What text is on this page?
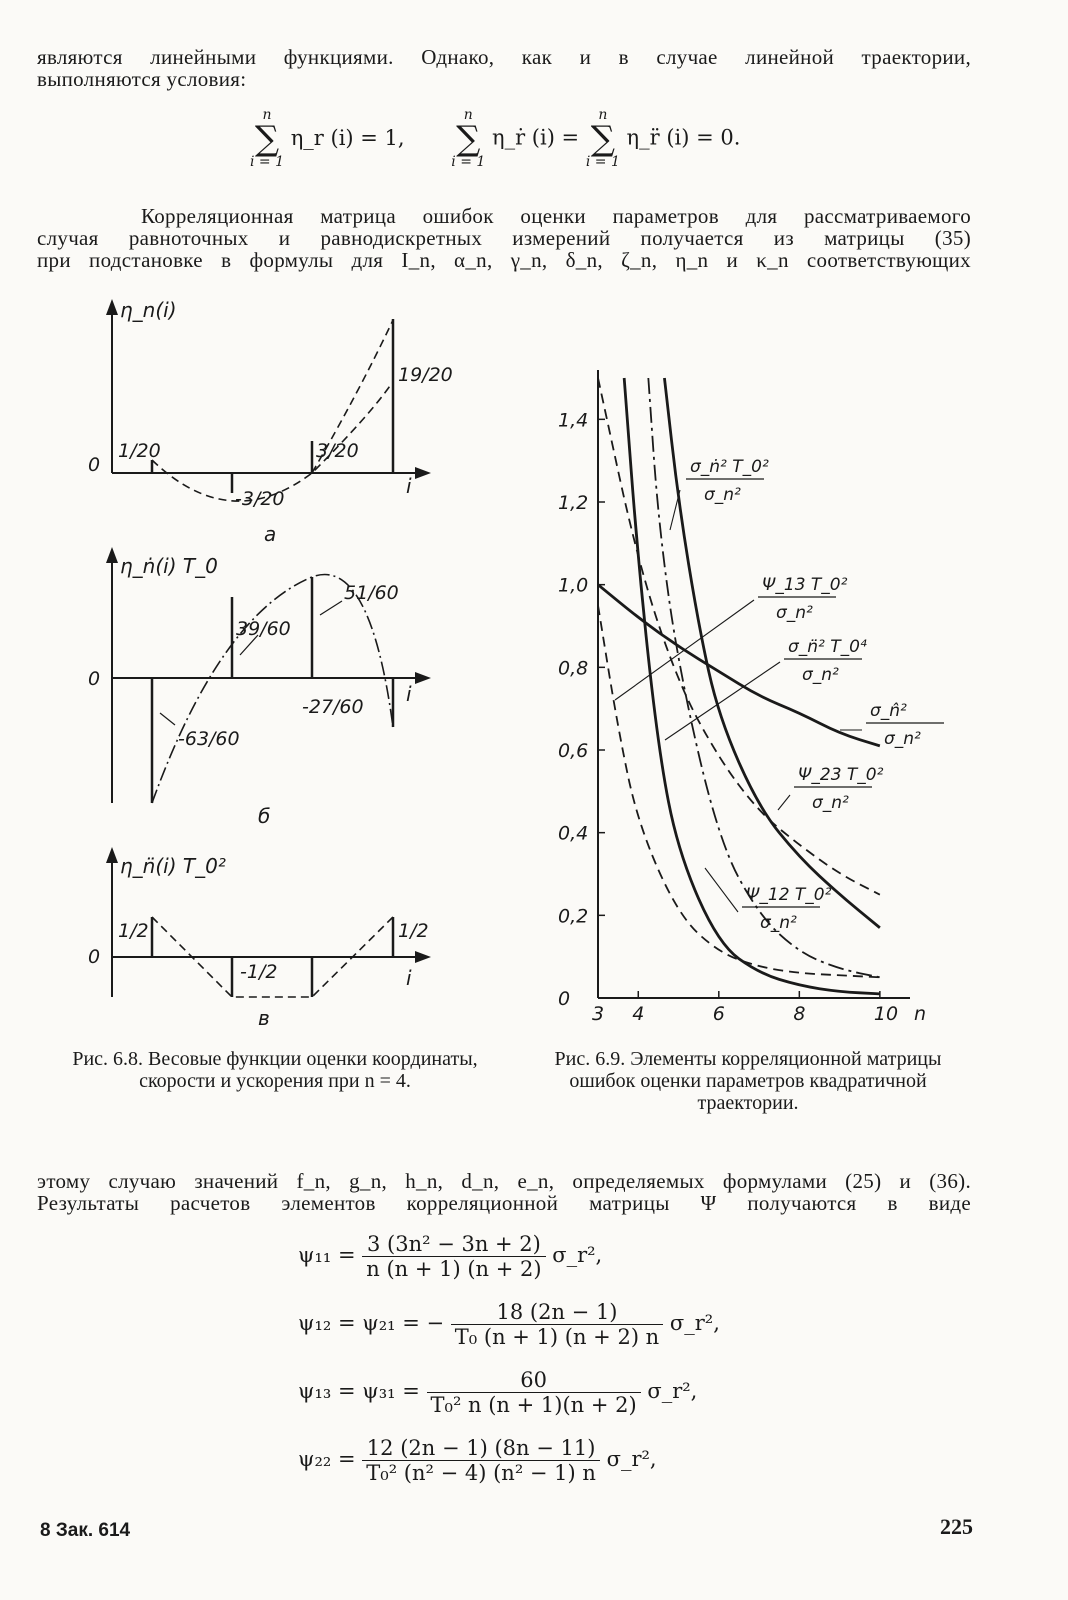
являются линейными функциями. Однако, как и в случае линейной траектории,
выполняются условия:
n
∑
i = 1
η_r (i) = 1,
n
∑
i = 1
η_ṙ (i) =
n
∑
i = 1
η_r̈ (i) = 0.
Корреляционная матрица ошибок оценки параметров для рассматриваемого
случая равноточных и равнодискретных измерений получается из матрицы (35)
при подстановке в формулы для I_n, α_n, γ_n, δ_n, ζ_n, η_n и κ_n соответствующих
η_n(i)
0
i
1/20
-3/20
3/20
19/20
а
η_ṅ(i) T_0
0
i
-63/60
39/60
51/60
-27/60
б
η_n̈(i) T_0²
0
i
1/2
-1/2
1/2
в
Рис. 6.8. Весовые функции оценки координаты, скорости и ускорения при n = 4.
0
0,2
0,4
0,6
0,8
1,0
1,2
1,4
3 4	6	8	10 n
σ_ṅ² T_0²
σ_n²
Ψ_13 T_0²
σ_n²
σ_n̈² T_0⁴
σ_n²
σ_n̂²
σ_n²
Ψ_23 T_0²
σ_n²
Ψ_12 T_0²
σ_n²
Рис. 6.9. Элементы корреляционной матрицы ошибок оценки параметров квадратичной траектории.
этому случаю значений f_n, g_n, h_n, d_n, e_n, определяемых формулами (25) и (36).
Результаты расчетов элементов корреляционной матрицы Ψ получаются в виде
$\psi_{11} = \frac{\text{3 (3n² − 3n + 2)}}{n (n + 1) (n + 2)}$ σ_r²,
ψ₁₂ = ψ₂₁ = − $\frac{18 (2n - 1)}{\text{T₀ (n + 1) (n + 2) n}}$ σ_r²,
$\psi_{13} = \psi_{31} = \frac{60}{\text{T₀² n (n + 1)(n + 2)}}$ σ_r²,
$\psi_{22} = \frac{12 (2n - 1) (8n - 11)}{\text{T₀² (n² − 4) (n² − 1) n}}$ σ_r²,
8 Зак. 614	225
